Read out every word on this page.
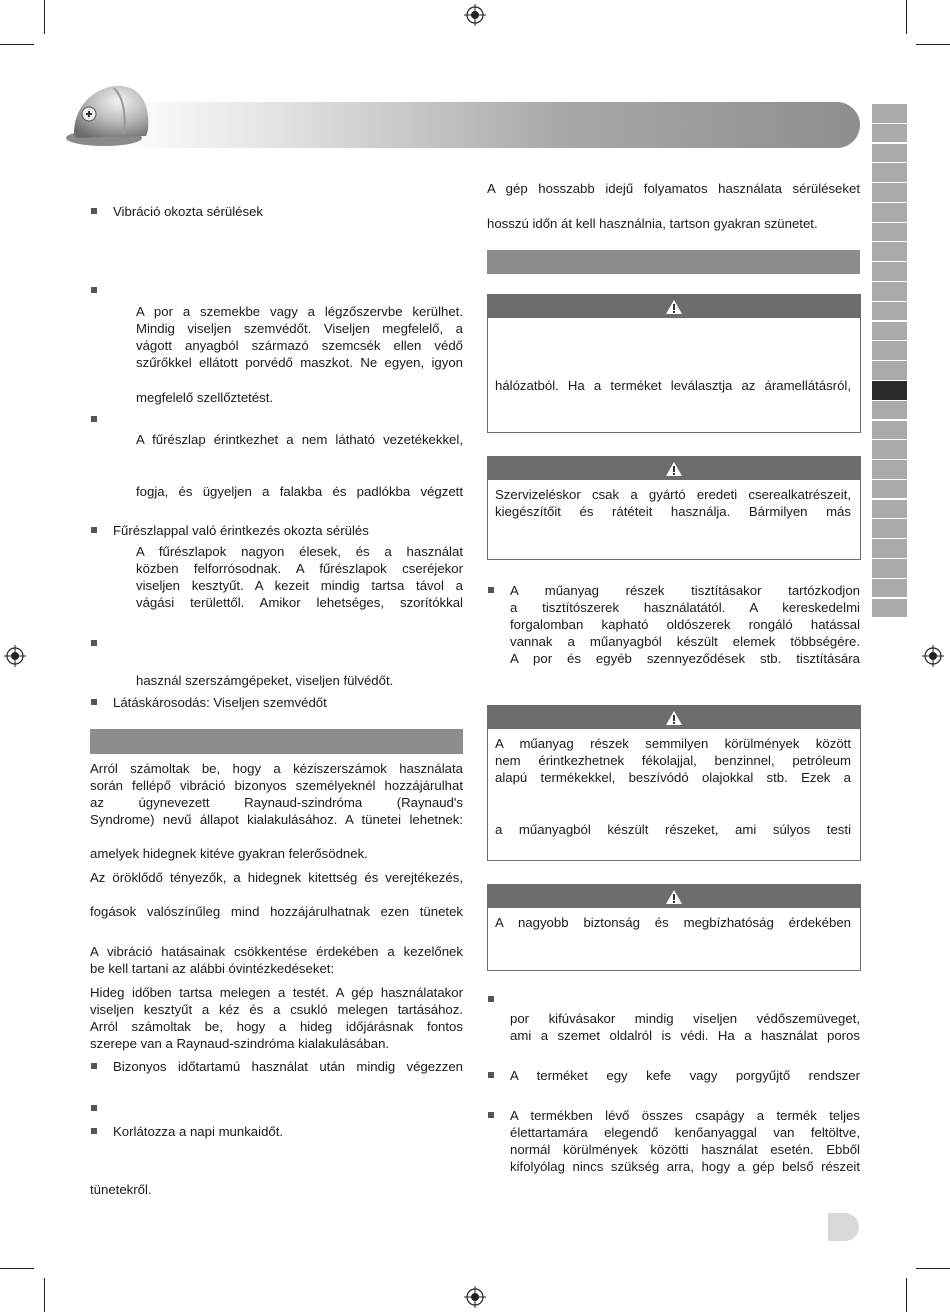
Vibráció okozta sérülések
A por a szemekbe vagy a légzőszervbe kerülhet.
Mindig viseljen szemvédőt. Viseljen megfelelő, a
vágott anyagból származó szemcsék ellen védő
szűrőkkel ellátott porvédő maszkot. Ne egyen, igyon
megfelelő szellőztetést.
A fűrészlap érintkezhet a nem látható vezetékekkel,
fogja, és ügyeljen a falakba és padlókba végzett
Fűrészlappal való érintkezés okozta sérülés
A fűrészlapok nagyon élesek, és a használat
közben felforrósodnak. A fűrészlapok cseréjekor
viseljen kesztyűt. A kezeit mindig tartsa távol a
vágási területtől. Amikor lehetséges, szorítókkal
használ szerszámgépeket, viseljen fülvédőt.
Látáskárosodás: Viseljen szemvédőt
Arról számoltak be, hogy a kéziszerszámok használata
során fellépő vibráció bizonyos személyeknél hozzájárulhat
az úgynevezett Raynaud-szindróma (Raynaud's
Syndrome) nevű állapot kialakulásához. A tünetei lehetnek:
amelyek hidegnek kitéve gyakran felerősödnek.
Az öröklődő tényezők, a hidegnek kitettség és verejtékezés,
fogások valószínűleg mind hozzájárulhatnak ezen tünetek
A vibráció hatásainak csökkentése érdekében a kezelőnek
be kell tartani az alábbi óvintézkedéseket:
Hideg időben tartsa melegen a testét. A gép használatakor
viseljen kesztyűt a kéz és a csukló melegen tartásához.
Arról számoltak be, hogy a hideg időjárásnak fontos
szerepe van a Raynaud-szindróma kialakulásában.
Bizonyos időtartamú használat után mindig végezzen
Korlátozza a napi munkaidőt.
tünetekről.
A gép hosszabb idejű folyamatos használata sérüléseket
hosszú időn át kell használnia, tartson gyakran szünetet.
hálózatból. Ha a terméket leválasztja az áramellátásról,
Szervizeléskor csak a gyártó eredeti cserealkatrészeit,
kiegészítőit és rátéteit használja. Bármilyen más
A műanyag részek tisztításakor tartózkodjon
a tisztítószerek használatától. A kereskedelmi
forgalomban kapható oldószerek rongáló hatással
vannak a műanyagból készült elemek többségére.
A por és egyéb szennyeződések stb. tisztítására
A műanyag részek semmilyen körülmények között
nem érintkezhetnek fékolajjal, benzinnel, petróleum
alapú termékekkel, beszívódó olajokkal stb. Ezek a
a műanyagból készült részeket, ami súlyos testi
A nagyobb biztonság és megbízhatóság érdekében
por kifúvásakor mindig viseljen védőszemüveget,
ami a szemet oldalról is védi. Ha a használat poros
A terméket egy kefe vagy porgyűjtő rendszer
A termékben lévő összes csapágy a termék teljes
élettartamára elegendő kenőanyaggal van feltöltve,
normál körülmények közötti használat esetén. Ebből
kifolyólag nincs szükség arra, hogy a gép belső részeit
